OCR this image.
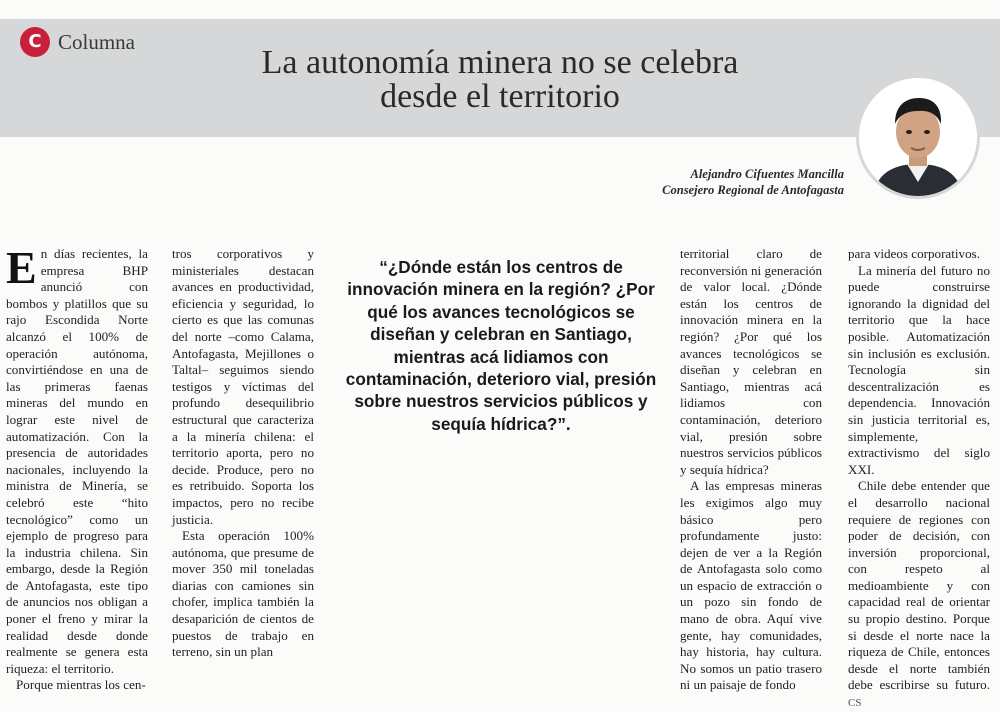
C Columna
La autonomía minera no se celebra
desde el territorio
Alejandro Cifuentes Mancilla
Consejero Regional de Antofagasta

En días recientes, la empresa BHP anunció con bombos y platillos que su rajo Escondida Norte alcanzó el 100% de operación autónoma, convirtiéndose en una de las primeras faenas mineras del mundo en lograr este nivel de automatización. Con la presencia de autoridades nacionales, incluyendo la ministra de Minería, se celebró este “hito tecnológico” como un ejemplo de progreso para la industria chilena. Sin embargo, desde la Región de Antofagasta, este tipo de anuncios nos obligan a poner el freno y mirar la realidad desde donde realmente se genera esta riqueza: el territorio.

Porque mientras los cen-

tros corporativos y ministeriales destacan avances en productividad, eficiencia y seguridad, lo cierto es que las comunas del norte –como Calama, Antofagasta, Mejillones o Taltal– seguimos siendo testigos y víctimas del profundo desequilibrio estructural que caracteriza a la minería chilena: el territorio aporta, pero no decide. Produce, pero no es retribuido. Soporta los impactos, pero no recibe justicia.

Esta operación 100% autónoma, que presume de mover 350 mil toneladas diarias con camiones sin chofer, implica también la desaparición de cientos de puestos de trabajo en terreno, sin un plan

“¿Dónde están los centros de innovación minera en la región? ¿Por qué los avances tecnológicos se diseñan y celebran en Santiago, mientras acá lidiamos con contaminación, deterioro vial, presión sobre nuestros servicios públicos y sequía hídrica?”.

territorial claro de reconversión ni generación de valor local. ¿Dónde están los centros de innovación minera en la región? ¿Por qué los avances tecnológicos se diseñan y celebran en Santiago, mientras acá lidiamos con contaminación, deterioro vial, presión sobre nuestros servicios públicos y sequía hídrica?

A las empresas mineras les exigimos algo muy básico pero profundamente justo: dejen de ver a la Región de Antofagasta solo como un espacio de extracción o un pozo sin fondo de mano de obra. Aquí vive gente, hay comunidades, hay historia, hay cultura. No somos un patio trasero ni un paisaje de fondo

para videos corporativos.

La minería del futuro no puede construirse ignorando la dignidad del territorio que la hace posible. Automatización sin inclusión es exclusión. Tecnología sin descentralización es dependencia. Innovación sin justicia territorial es, simplemente, extractivismo del siglo XXI.

Chile debe entender que el desarrollo nacional requiere de regiones con poder de decisión, con inversión proporcional, con respeto al medioambiente y con capacidad real de orientar su propio destino. Porque si desde el norte nace la riqueza de Chile, entonces desde el norte también debe escribirse su futuro. CS
